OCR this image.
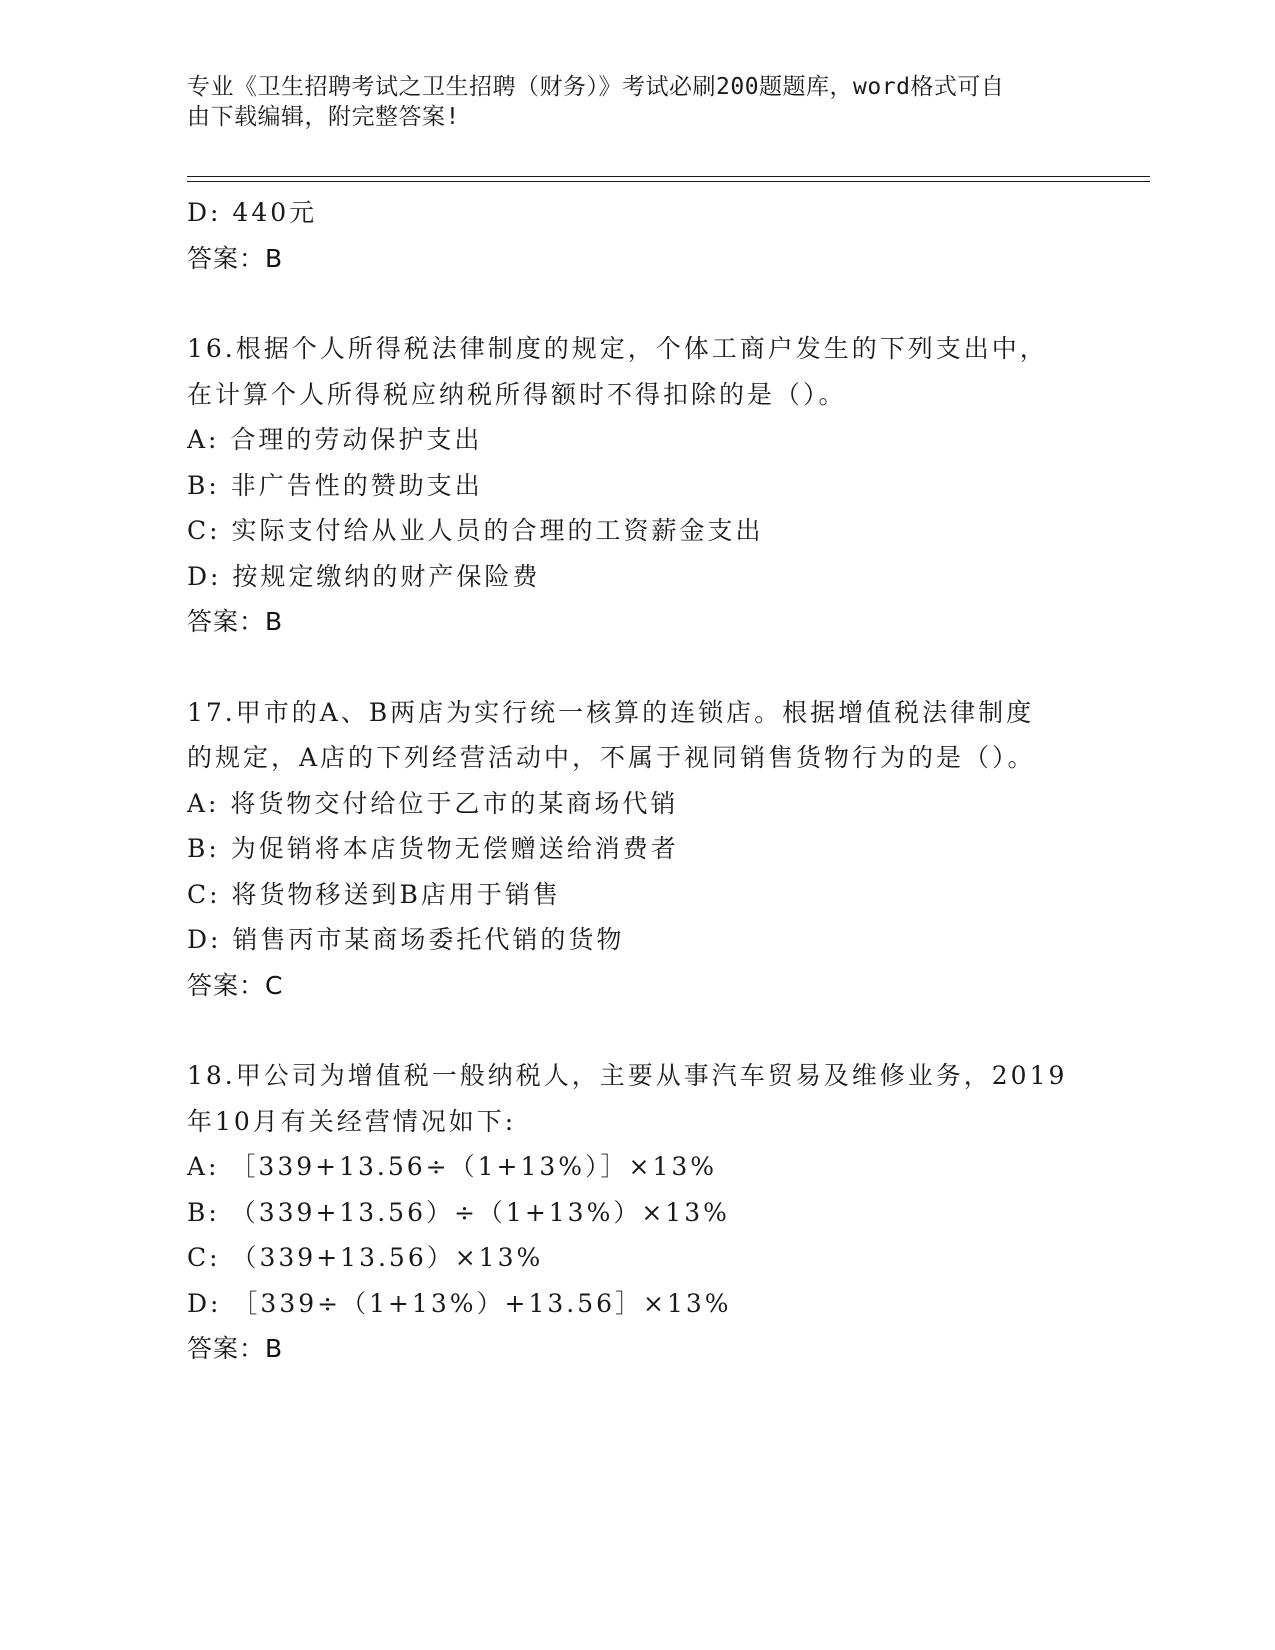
专业《卫生招聘考试之卫生招聘（财务）》考试必刷200题题库，word格式可自
由下载编辑，附完整答案!
D: 440元
答案：B
16.根据个人所得税法律制度的规定，个体工商户发生的下列支出中，
在计算个人所得税应纳税所得额时不得扣除的是（）。
A: 合理的劳动保护支出
B: 非广告性的赞助支出
C: 实际支付给从业人员的合理的工资薪金支出
D: 按规定缴纳的财产保险费
答案：B
17.甲市的A、B两店为实行统一核算的连锁店。根据增值税法律制度
的规定，A店的下列经营活动中，不属于视同销售货物行为的是（）。
A: 将货物交付给位于乙市的某商场代销
B: 为促销将本店货物无偿赠送给消费者
C: 将货物移送到B店用于销售
D: 销售丙市某商场委托代销的货物
答案：C
18.甲公司为增值税一般纳税人，主要从事汽车贸易及维修业务，2019
年10月有关经营情况如下:
A: ［339+13.56÷（1+13%）］×13%
B: （339+13.56）÷（1+13%）×13%
C: （339+13.56）×13%
D: ［339÷（1+13%）+13.56］×13%
答案：B
